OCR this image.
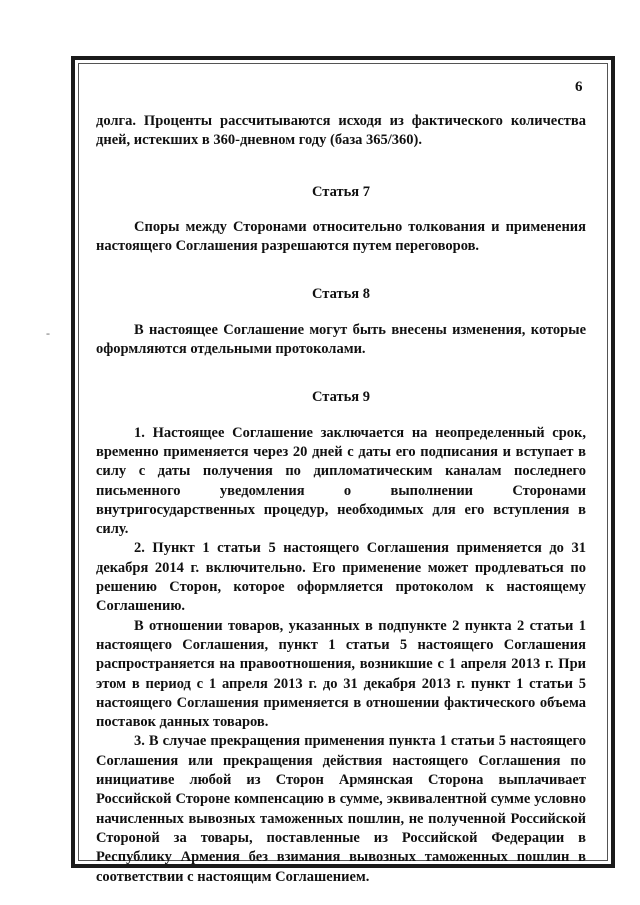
6

долга. Проценты рассчитываются исходя из фактического количества дней, истекших в 360-дневном году (база 365/360).

Статья 7

Споры между Сторонами относительно толкования и применения настоящего Соглашения разрешаются путем переговоров.

Статья 8

В настоящее Соглашение могут быть внесены изменения, которые оформляются отдельными протоколами.

Статья 9

1. Настоящее Соглашение заключается на неопределенный срок, временно применяется через 20 дней с даты его подписания и вступает в силу с даты получения по дипломатическим каналам последнего письменного уведомления о выполнении Сторонами внутригосударственных процедур, необходимых для его вступления в силу.

2. Пункт 1 статьи 5 настоящего Соглашения применяется до 31 декабря 2014 г. включительно. Его применение может продлеваться по решению Сторон, которое оформляется протоколом к настоящему Соглашению.

В отношении товаров, указанных в подпункте 2 пункта 2 статьи 1 настоящего Соглашения, пункт 1 статьи 5 настоящего Соглашения распространяется на правоотношения, возникшие с 1 апреля 2013 г. При этом в период с 1 апреля 2013 г. до 31 декабря 2013 г. пункт 1 статьи 5 настоящего Соглашения применяется в отношении фактического объема поставок данных товаров.

3. В случае прекращения применения пункта 1 статьи 5 настоящего Соглашения или прекращения действия настоящего Соглашения по инициативе любой из Сторон Армянская Сторона выплачивает Российской Стороне компенсацию в сумме, эквивалентной сумме условно начисленных вывозных таможенных пошлин, не полученной Российской Стороной за товары, поставленные из Российской Федерации в Республику Армения без взимания вывозных таможенных пошлин в соответствии с настоящим Соглашением.

-
